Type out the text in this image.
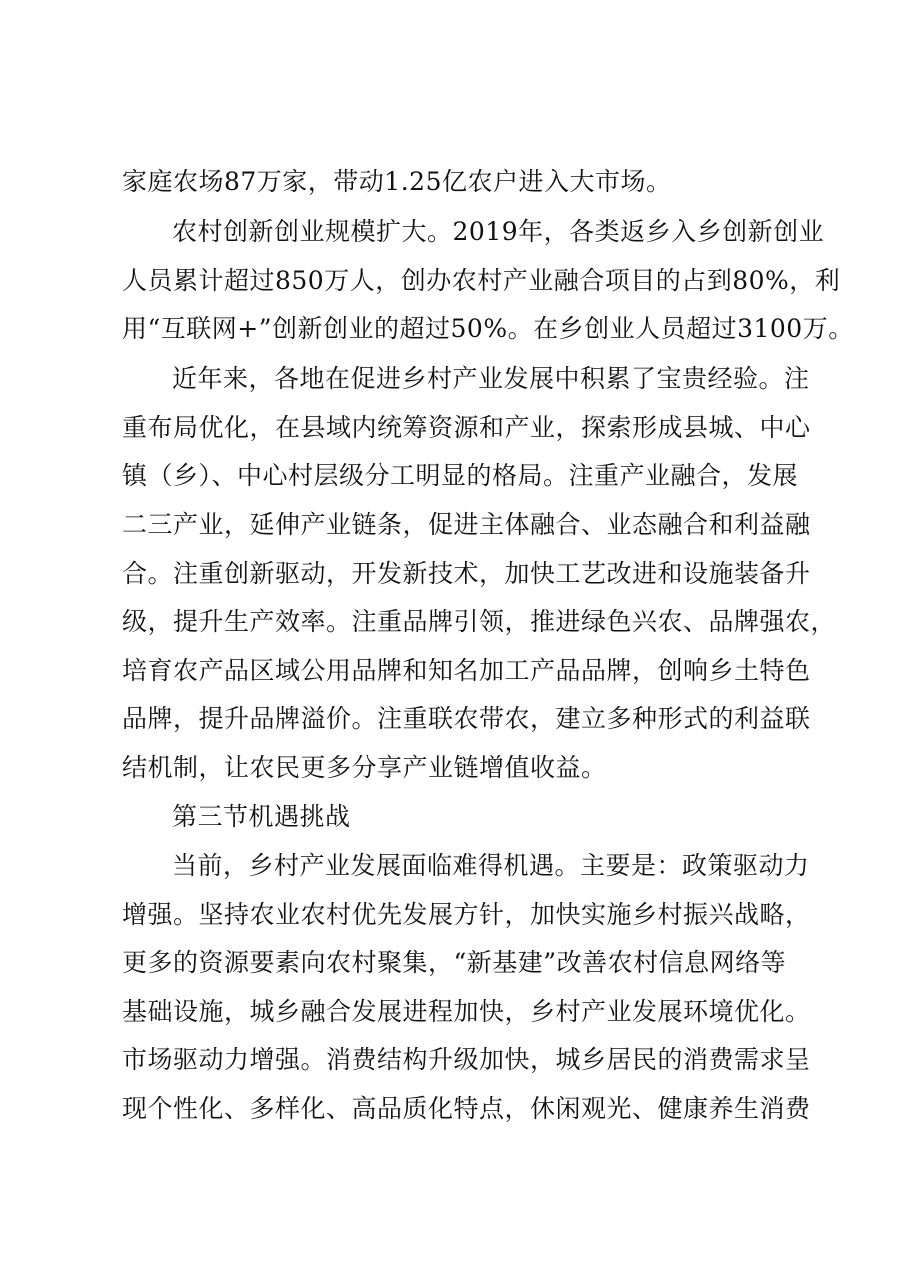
家庭农场87万家，带动1.25亿农户进入大市场。
农村创新创业规模扩大。2019年，各类返乡入乡创新创业
人员累计超过850万人，创办农村产业融合项目的占到80%，利
用“互联网+”创新创业的超过50%。在乡创业人员超过3100万。
近年来，各地在促进乡村产业发展中积累了宝贵经验。注
重布局优化，在县域内统筹资源和产业，探索形成县城、中心
镇（乡）、中心村层级分工明显的格局。注重产业融合，发展
二三产业，延伸产业链条，促进主体融合、业态融合和利益融
合。注重创新驱动，开发新技术，加快工艺改进和设施装备升
级，提升生产效率。注重品牌引领，推进绿色兴农、品牌强农，
培育农产品区域公用品牌和知名加工产品品牌，创响乡土特色
品牌，提升品牌溢价。注重联农带农，建立多种形式的利益联
结机制，让农民更多分享产业链增值收益。
第三节机遇挑战
当前，乡村产业发展面临难得机遇。主要是：政策驱动力
增强。坚持农业农村优先发展方针，加快实施乡村振兴战略，
更多的资源要素向农村聚集，“新基建”改善农村信息网络等
基础设施，城乡融合发展进程加快，乡村产业发展环境优化。
市场驱动力增强。消费结构升级加快，城乡居民的消费需求呈
现个性化、多样化、高品质化特点，休闲观光、健康养生消费
